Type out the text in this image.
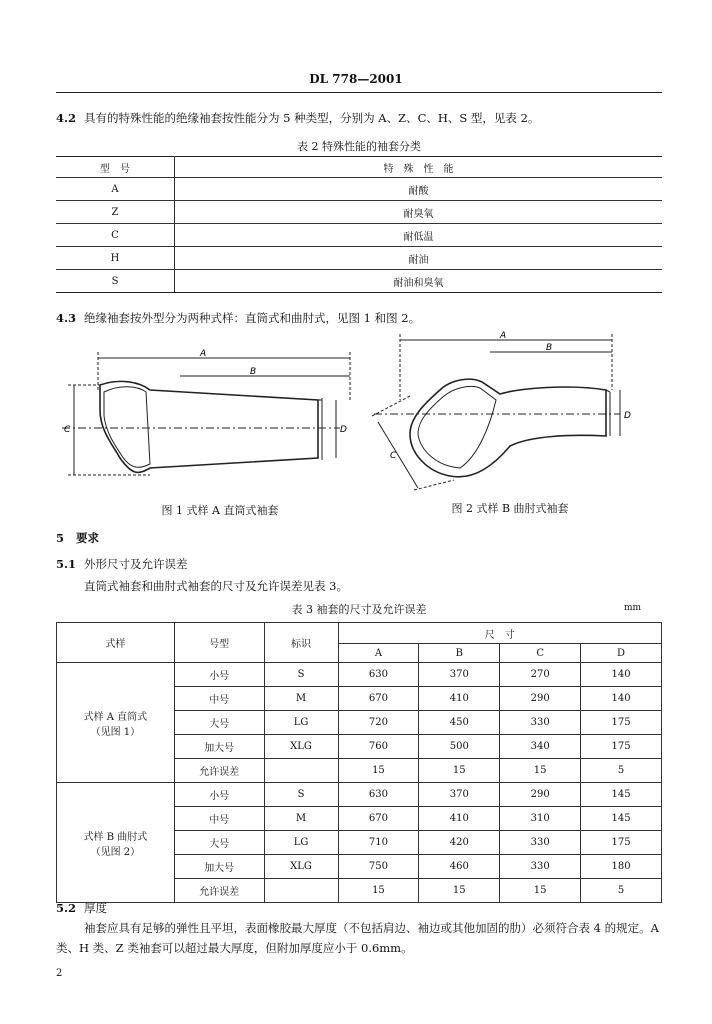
DL 778—2001
4.2 具有的特殊性能的绝缘袖套按性能分为 5 种类型，分别为 A、Z、C、H、S 型，见表 2。
表 2 特殊性能的袖套分类
型　号	特　殊　性　能
A	耐酸
Z	耐臭氧
C	耐低温
H	耐油
S	耐油和臭氧
4.3 绝缘袖套按外型分为两种式样：直筒式和曲肘式，见图 1 和图 2。
A
B
C	D
图 1 式样 A 直筒式袖套
A
B
C
D
图 2 式样 B 曲肘式袖套
5 要求
5.1 外形尺寸及允许误差
直筒式袖套和曲肘式袖套的尺寸及允许误差见表 3。
表 3 袖套的尺寸及允许误差	mm
式样	号型	标识	尺　寸			
			A	B	C	D

式样 A 直筒式
（见图 1）	小号	S	630	370	270	140
	中号	M	670	410	290	140
	大号	LG	720	450	330	175
	加大号	XLG	760	500	340	175
	允许误差		15	15	15	5

式样 B 曲肘式
（见图 2）	小号	S	630	370	290	145
	中号	M	670	410	310	145
	大号	LG	710	420	330	175
	加大号	XLG	750	460	330	180
	允许误差		15	15	15	5
5.2 厚度
袖套应具有足够的弹性且平坦，表面橡胶最大厚度（不包括肩边、袖边或其他加固的肋）必须符合表 4 的规定。A 类、H 类、Z 类袖套可以超过最大厚度，但附加厚度应小于 0.6mm。
2
